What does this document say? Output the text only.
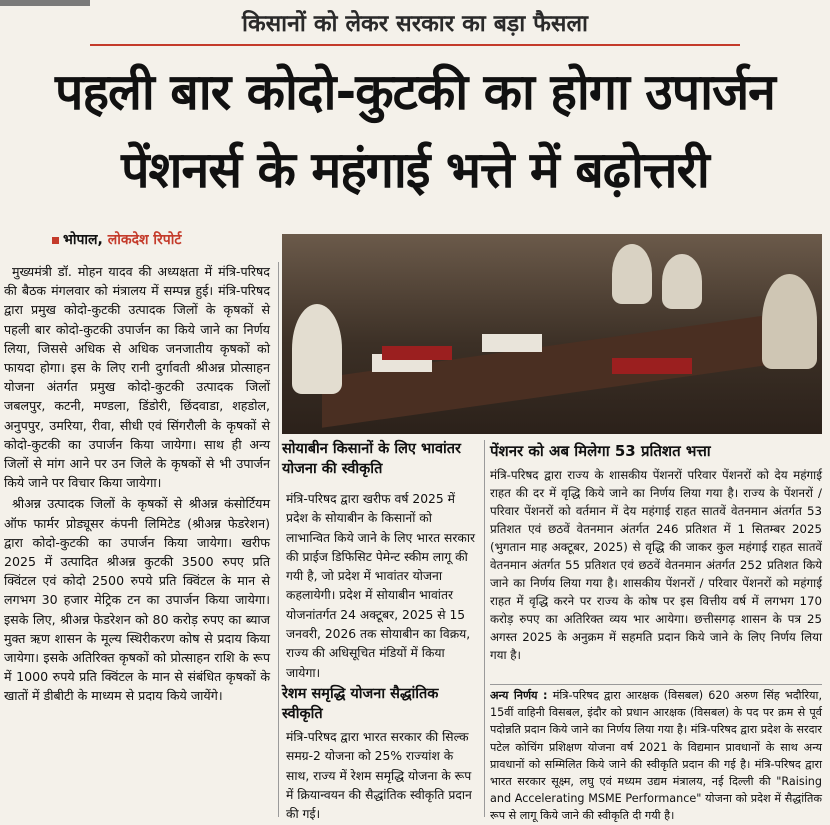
किसानों को लेकर सरकार का बड़ा फैसला
पहली बार कोदो-कुटकी का होगा उपार्जन
पेंशनर्स के महंगाई भत्ते में बढ़ोत्तरी
भोपाल, लोकदेश रिपोर्ट

मुख्यमंत्री डॉ. मोहन यादव की अध्यक्षता में मंत्रि-परिषद की बैठक मंगलवार को मंत्रालय में सम्पन्न हुई। मंत्रि-परिषद द्वारा प्रमुख कोदो-कुटकी उत्पादक जिलों के कृषकों से पहली बार कोदो-कुटकी उपार्जन का किये जाने का निर्णय लिया, जिससे अधिक से अधिक जनजातीय कृषकों को फायदा होगा। इस के लिए रानी दुर्गावती श्रीअन्न प्रोत्साहन योजना अंतर्गत प्रमुख कोदो-कुटकी उत्पादक जिलों जबलपुर, कटनी, मण्डला, डिंडोरी, छिंदवाडा, शहडोल, अनुपपुर, उमरिया, रीवा, सीधी एवं सिंगरौली के कृषकों से कोदो-कुटकी का उपार्जन किया जायेगा। साथ ही अन्य जिलों से मांग आने पर उन जिले के कृषकों से भी उपार्जन किये जाने पर विचार किया जायेगा।

श्रीअन्न उत्पादक जिलों के कृषकों से श्रीअन्न कंसोर्टियम ऑफ फार्मर प्रोड्यूसर कंपनी लिमिटेड (श्रीअन्न फेडरेशन) द्वारा कोदो-कुटकी का उपार्जन किया जायेगा। खरीफ 2025 में उत्पादित श्रीअन्न कुटकी 3500 रुपए प्रति क्विंटल एवं कोदो 2500 रुपये प्रति क्विंटल के मान से लगभग 30 हजार मेट्रिक टन का उपार्जन किया जायेगा। इसके लिए, श्रीअन्न फेडरेशन को 80 करोड़ रुपए का ब्याज मुक्त ऋण शासन के मूल्य स्थिरीकरण कोष से प्रदाय किया जायेगा। इसके अतिरिक्त कृषकों को प्रोत्साहन राशि के रूप में 1000 रुपये प्रति क्विंटल के मान से संबंधित कृषकों के खातों में डीबीटी के माध्यम से प्रदाय किये जायेंगे।

सोयाबीन किसानों के लिए भावांतर योजना की स्वीकृति
मंत्रि-परिषद द्वारा खरीफ वर्ष 2025 में प्रदेश के सोयाबीन के किसानों को लाभान्वित किये जाने के लिए भारत सरकार की प्राईज डिफिसिट पेमेन्ट स्कीम लागू की गयी है, जो प्रदेश में भावांतर योजना कहलायेगी। प्रदेश में सोयाबीन भावांतर योजनांतर्गत 24 अक्टूबर, 2025 से 15 जनवरी, 2026 तक सोयाबीन का विक्रय, राज्य की अधिसूचित मंडियों में किया जायेगा।
रेशम समृद्धि योजना सैद्धांतिक स्वीकृति
मंत्रि-परिषद द्वारा भारत सरकार की सिल्क समग्र-2 योजना को 25% राज्यांश के साथ, राज्य में रेशम समृद्धि योजना के रूप में क्रियान्वयन की सैद्धांतिक स्वीकृति प्रदान की गई।
पेंशनर को अब मिलेगा 53 प्रतिशत भत्ता
मंत्रि-परिषद द्वारा राज्य के शासकीय पेंशनरों परिवार पेंशनरों को देय महंगाई राहत की दर में वृद्धि किये जाने का निर्णय लिया गया है। राज्य के पेंशनरों / परिवार पेंशनरों को वर्तमान में देय महंगाई राहत सातवें वेतनमान अंतर्गत 53 प्रतिशत एवं छठवें वेतनमान अंतर्गत 246 प्रतिशत में 1 सितम्बर 2025 (भुगतान माह अक्टूबर, 2025) से वृद्धि की जाकर कुल महंगाई राहत सातवें वेतनमान अंतर्गत 55 प्रतिशत एवं छठवें वेतनमान अंतर्गत 252 प्रतिशत किये जाने का निर्णय लिया गया है। शासकीय पेंशनरों / परिवार पेंशनरों को महंगाई राहत में वृद्धि करने पर राज्य के कोष पर इस वित्तीय वर्ष में लगभग 170 करोड़ रुपए का अतिरिक्त व्यय भार आयेगा। छत्तीसगढ़ शासन के पत्र 25 अगस्त 2025 के अनुक्रम में सहमति प्रदान किये जाने के लिए निर्णय लिया गया है।
अन्य निर्णय : मंत्रि-परिषद द्वारा आरक्षक (विसबल) 620 अरुण सिंह भदौरिया, 15वीं वाहिनी विसबल, इंदौर को प्रधान आरक्षक (विसबल) के पद पर क्रम से पूर्व पदोन्नति प्रदान किये जाने का निर्णय लिया गया है। मंत्रि-परिषद द्वारा प्रदेश के सरदार पटेल कोचिंग प्रशिक्षण योजना वर्ष 2021 के विद्यमान प्रावधानों के साथ अन्य प्रावधानों को सम्मिलित किये जाने की स्वीकृति प्रदान की गई है। मंत्रि-परिषद द्वारा भारत सरकार सूक्ष्म, लघु एवं मध्यम उद्यम मंत्रालय, नई दिल्ली की "Raising and Accelerating MSME Performance" योजना को प्रदेश में सैद्धांतिक रूप से लागू किये जाने की स्वीकृति दी गयी है।
